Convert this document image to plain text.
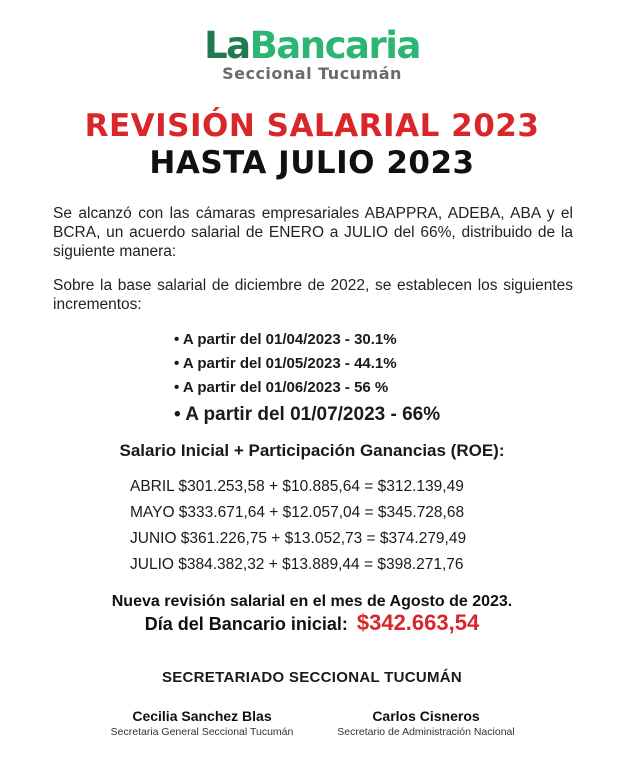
LaBancaria
Seccional Tucumán
REVISIÓN SALARIAL 2023
HASTA JULIO 2023
Se alcanzó con las cámaras empresariales ABAPPRA, ADEBA, ABA y el BCRA, un acuerdo salarial de ENERO a JULIO del 66%, distribuido de la siguiente manera:
Sobre la base salarial de diciembre de 2022, se establecen los siguientes incrementos:
• A partir del 01/04/2023 - 30.1%
• A partir del 01/05/2023 - 44.1%
• A partir del 01/06/2023 - 56 %
• A partir del 01/07/2023 - 66%
Salario Inicial + Participación Ganancias (ROE):
ABRIL $301.253,58 + $10.885,64 = $312.139,49
MAYO $333.671,64 + $12.057,04 = $345.728,68
JUNIO $361.226,75 + $13.052,73 = $374.279,49
JULIO $384.382,32 + $13.889,44 = $398.271,76
Nueva revisión salarial en el mes de Agosto de 2023.
Día del Bancario inicial: $342.663,54
SECRETARIADO SECCIONAL TUCUMÁN
Cecilia Sanchez Blas
Secretaria General Seccional Tucumán
Carlos Cisneros
Secretario de Administración Nacional
